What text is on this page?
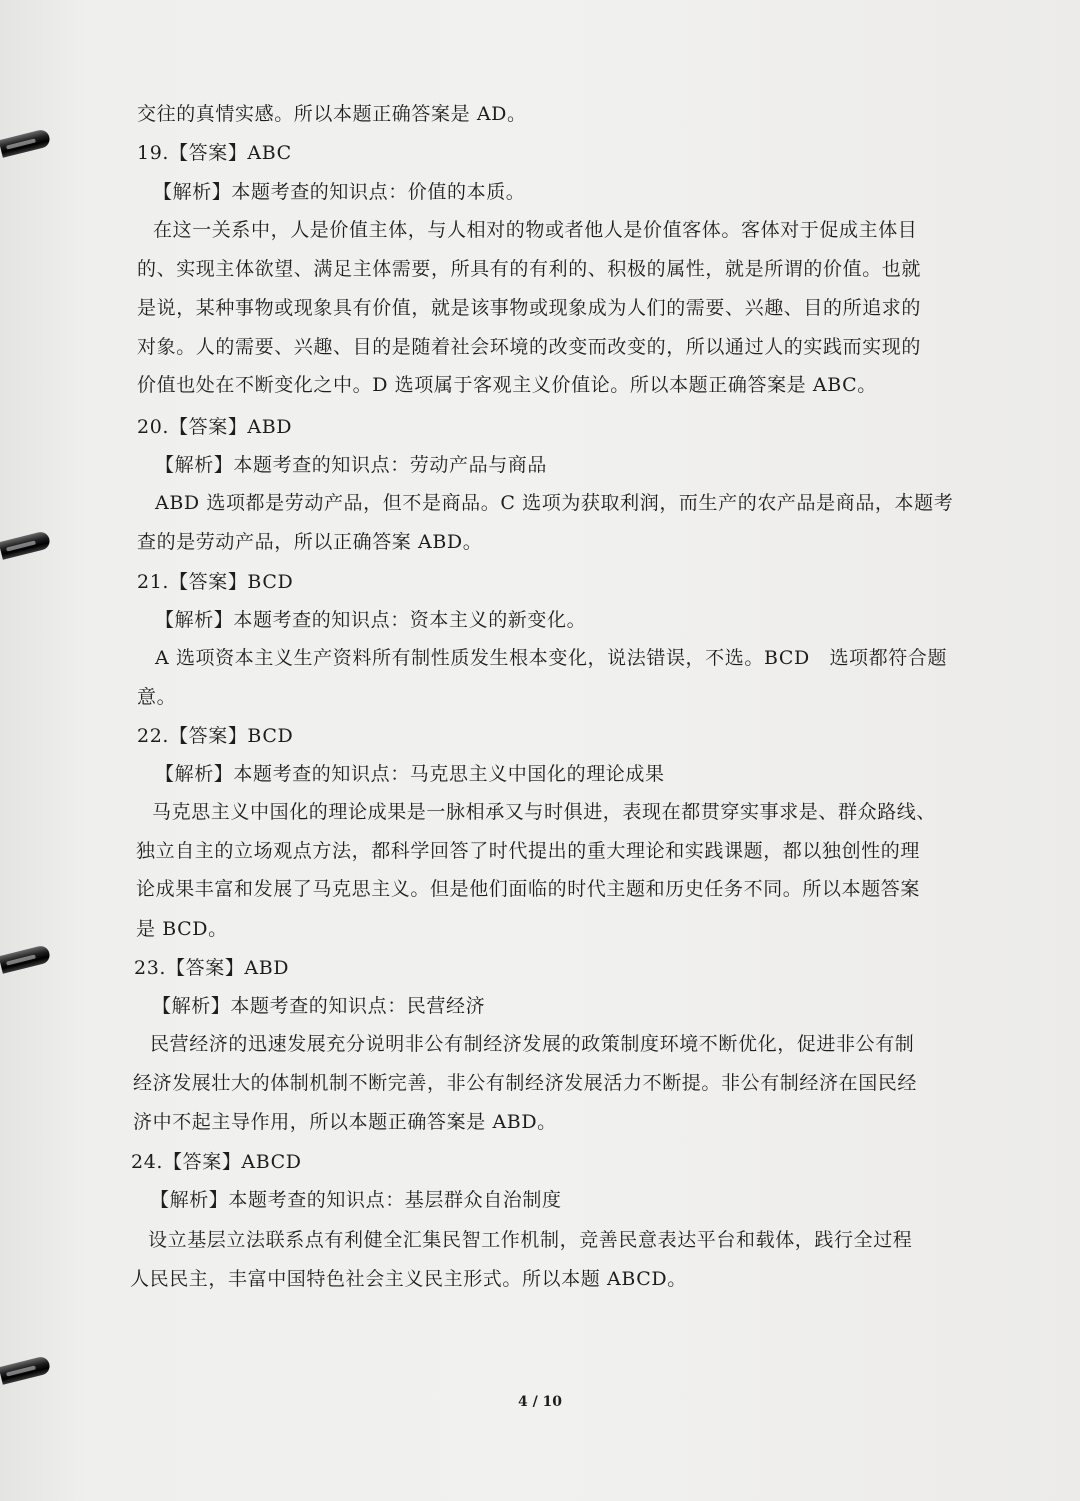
交往的真情实感。所以本题正确答案是 AD。
19.【答案】ABC
【解析】本题考查的知识点：价值的本质。
在这一关系中，人是价值主体，与人相对的物或者他人是价值客体。客体对于促成主体目
的、实现主体欲望、满足主体需要，所具有的有利的、积极的属性，就是所谓的价值。也就
是说，某种事物或现象具有价值，就是该事物或现象成为人们的需要、兴趣、目的所追求的
对象。人的需要、兴趣、目的是随着社会环境的改变而改变的，所以通过人的实践而实现的
价值也处在不断变化之中。D 选项属于客观主义价值论。所以本题正确答案是 ABC。
20.【答案】ABD
【解析】本题考查的知识点：劳动产品与商品
ABD 选项都是劳动产品，但不是商品。C 选项为获取利润，而生产的农产品是商品，本题考
查的是劳动产品，所以正确答案 ABD。
21.【答案】BCD
【解析】本题考查的知识点：资本主义的新变化。
A 选项资本主义生产资料所有制性质发生根本变化，说法错误，不选。BCD　选项都符合题
意。
22.【答案】BCD
【解析】本题考查的知识点：马克思主义中国化的理论成果
马克思主义中国化的理论成果是一脉相承又与时俱进，表现在都贯穿实事求是、群众路线、
独立自主的立场观点方法，都科学回答了时代提出的重大理论和实践课题，都以独创性的理
论成果丰富和发展了马克思主义。但是他们面临的时代主题和历史任务不同。所以本题答案
是 BCD。
23.【答案】ABD
【解析】本题考查的知识点：民营经济
民营经济的迅速发展充分说明非公有制经济发展的政策制度环境不断优化，促进非公有制
经济发展壮大的体制机制不断完善，非公有制经济发展活力不断提。非公有制经济在国民经
济中不起主导作用，所以本题正确答案是 ABD。
24.【答案】ABCD
【解析】本题考查的知识点：基层群众自治制度
设立基层立法联系点有利健全汇集民智工作机制，竞善民意表达平台和载体，践行全过程
人民民主，丰富中国特色社会主义民主形式。所以本题 ABCD。
4 / 10
